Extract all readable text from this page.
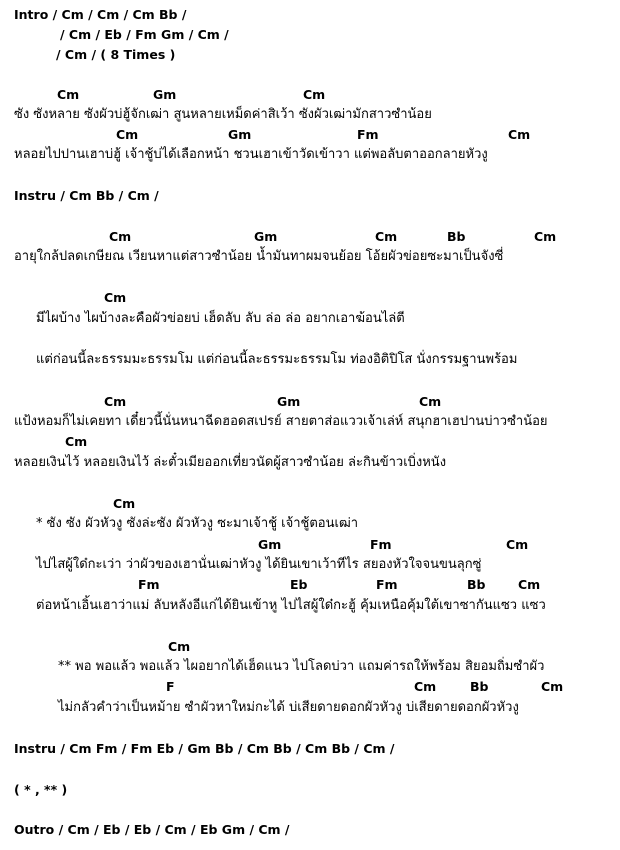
Intro / Cm / Cm / Cm Bb /
/ Cm / Eb / Fm Gm / Cm /
/ Cm / ( 8 Times )
Cm	Gm	Cm
ซัง ซังหลาย ซังผัวบ่ฮู้จักเฒ่า สูนหลายเหม็ดค่าสิเว้า ซังผัวเฒ่ามักสาวซำน้อย
Cm	Gm	Fm	Cm
หลอยไปปานเฮาบ่ฮู้ เจ้าชู้บ่ได้เลือกหน้า ชวนเฮาเข้าวัดเข้าวา แต่พอลับตาออกลายหัวงู
Instru / Cm Bb / Cm /
Cm	Gm	Cm	Bb	Cm
อายุใกล้ปลดเกษียณ เวียนหาแต่สาวซำน้อย น้ำมันทาผมจนย้อย โอ้ยผัวข่อยซะมาเป็นจังซี่
Cm
มีไผบ้าง ไผบ้างละคือผัวข่อยบ่ เฮ็ดลับ ลับ ล่อ ล่อ อยากเอาฆ้อนไล่ตี
แต่ก่อนนี้ละธรรมมะธรรมโม แต่ก่อนนี้ละธรรมะธรรมโม ท่องอิติปิโส นั่งกรรมฐานพร้อม
Cm	Gm	Cm
แป้งหอมก็ไม่เคยทา เดี๋ยวนี้นั่นหนาฉีดฮอดสเปรย์ สายตาส่อแววเจ้าเล่ห์ สนุกฮาเฮปานบ่าวซำน้อย
Cm
หลอยเงินไว้ หลอยเงินไว้ ล่ะตั๋วเมียออกเที่ยวนัดผู้สาวซำน้อย ล่ะกินข้าวเบิ่งหนัง
Cm
* ซัง ซัง ผัวหัวงู ซังล่ะซัง ผัวหัวงู ซะมาเจ้าชู้ เจ้าชู้ตอนเฒ่า
Gm	Fm	Cm
ไปไสผู้ใด๋กะเว่า ว่าผัวของเฮานั่นเฒ่าหัวงู ได้ยินเขาเว้าทีไร สยองหัวใจจนขนลุกซู่
Fm	Eb	Fm	Bb	Cm
ต่อหน้าเอิ้นเฮาว่าแม่ ลับหลังอีแก่ได้ยินเข้าหู ไปไสผู้ใด๋กะฮู้ คุ้มเหนือคุ้มใต้เขาซากันแซว แซว
Cm
** พอ พอแล้ว พอแล้ว ไผอยากได้เฮ็ดแนว ไปโลดบ่วา แถมค่ารถให้พร้อม สิยอมถิ่มซำผัว
F	Cm	Bb	Cm
ไม่กลัวคำว่าเป็นหม้าย ซำผัวหาใหม่กะได้ บ่เสียดายดอกผัวหัวงู บ่เสียดายดอกผัวหัวงู
Instru / Cm Fm / Fm Eb / Gm Bb / Cm Bb / Cm Bb / Cm /
( * , ** )
Outro / Cm / Eb / Eb / Cm / Eb Gm / Cm /
